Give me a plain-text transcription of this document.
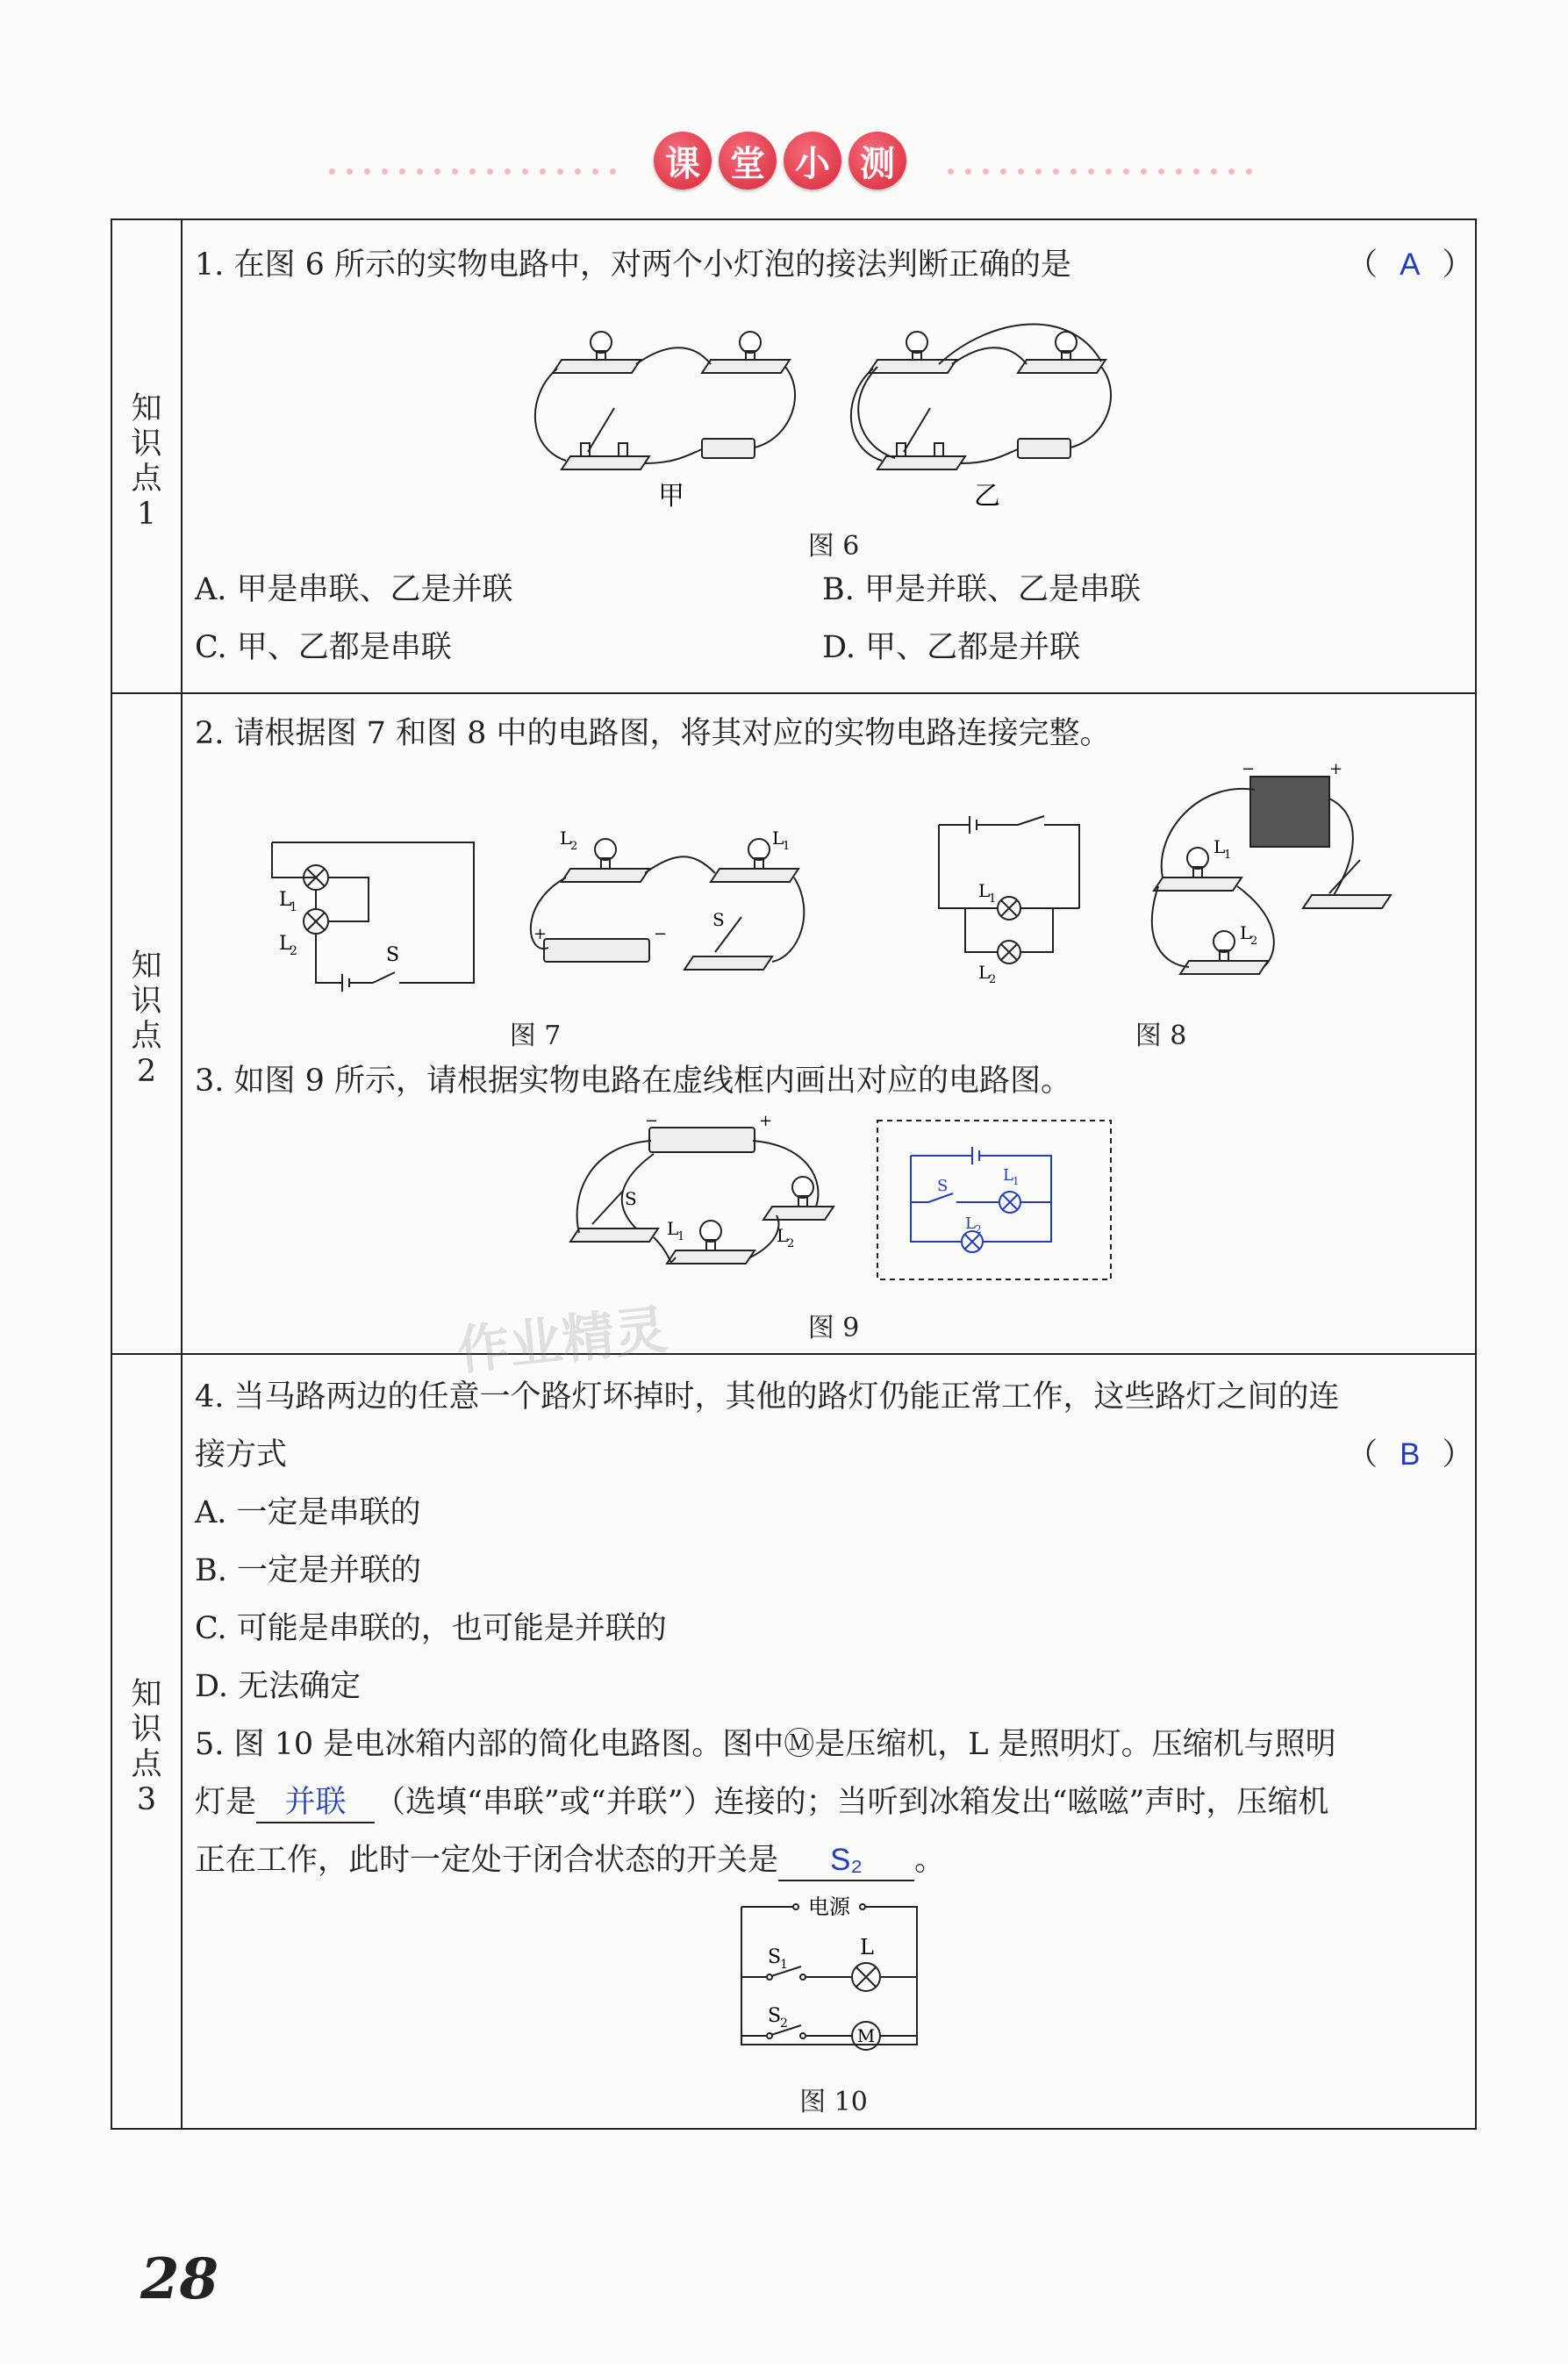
课 堂 小 测
知识点1
知识点2
知识点3
1. 在图 6 所示的实物电路中，对两个小灯泡的接法判断正确的是	（ A ）
甲	乙
图 6
A. 甲是串联、乙是并联	B. 甲是并联、乙是串联
C. 甲、乙都是串联	D. 甲、乙都是并联
2. 请根据图 7 和图 8 中的电路图，将其对应的实物电路连接完整。
L
1
L
2	S
L
2	L
1
S
+	−
图 7
L
1
L
2
−	+
L
1
L
2
图 8
3. 如图 9 所示，请根据实物电路在虚线框内画出对应的电路图。
−	+
S
L
1	L
2
L 1
S
L 2
图 9
作业精灵
4. 当马路两边的任意一个路灯坏掉时，其他的路灯仍能正常工作，这些路灯之间的连
接方式	（ B ）
A. 一定是串联的
B. 一定是并联的
C. 可能是串联的，也可能是并联的
D. 无法确定
5. 图 10 是电冰箱内部的简化电路图。图中Ⓜ是压缩机，L 是照明灯。压缩机与照明
灯是 并联 （选填“串联”或“并联”）连接的；当听到冰箱发出“嗞嗞”声时，压缩机
正在工作，此时一定处于闭合状态的开关是 S₂ 。
电源
S
1
L
S
2
M
图 10
28
